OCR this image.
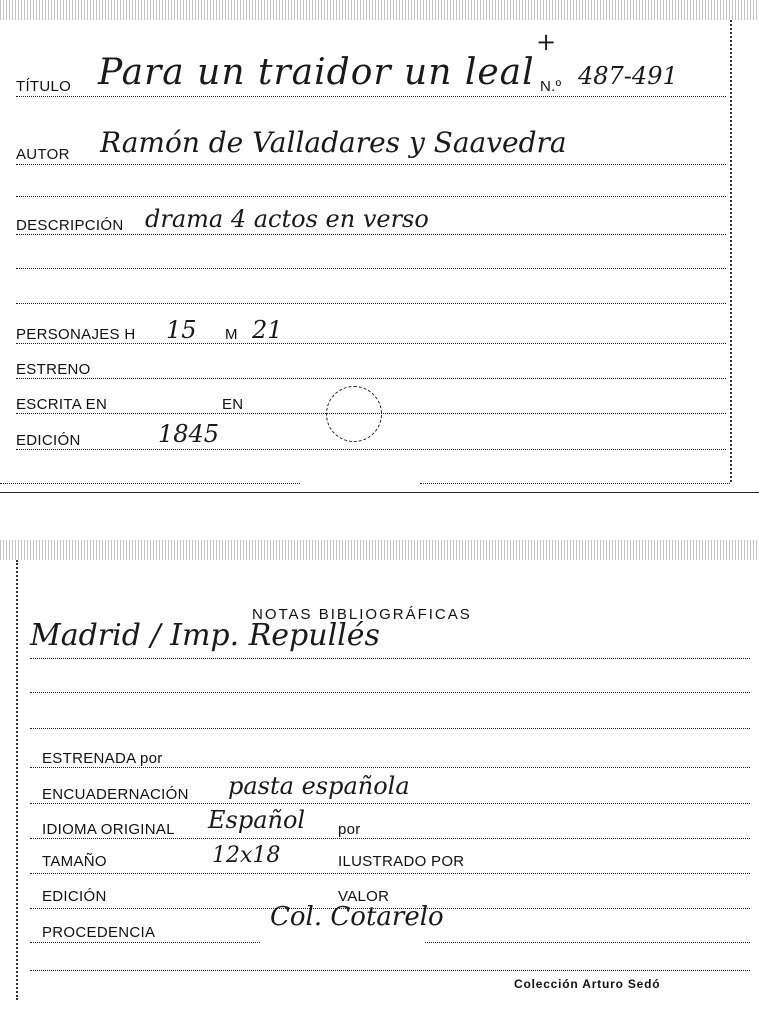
+
TÍTULO Para un traidor un leal N.º 487-491
AUTOR Ramón de Valladares y Saavedra
DESCRIPCIÓN drama 4 actos en verso
PERSONAJES H 15 M 21
ESTRENO
ESCRITA EN	EN
EDICIÓN	1845
NOTAS BIBLIOGRÁFICAS
Madrid / Imp. Repullés
ESTRENADA por
ENCUADERNACIÓN pasta española
IDIOMA ORIGINAL Español por
TAMAÑO	12x18	ILUSTRADO POR
EDICIÓN	VALOR
PROCEDENCIA
Col. Cotarelo
Colección Arturo Sedó
